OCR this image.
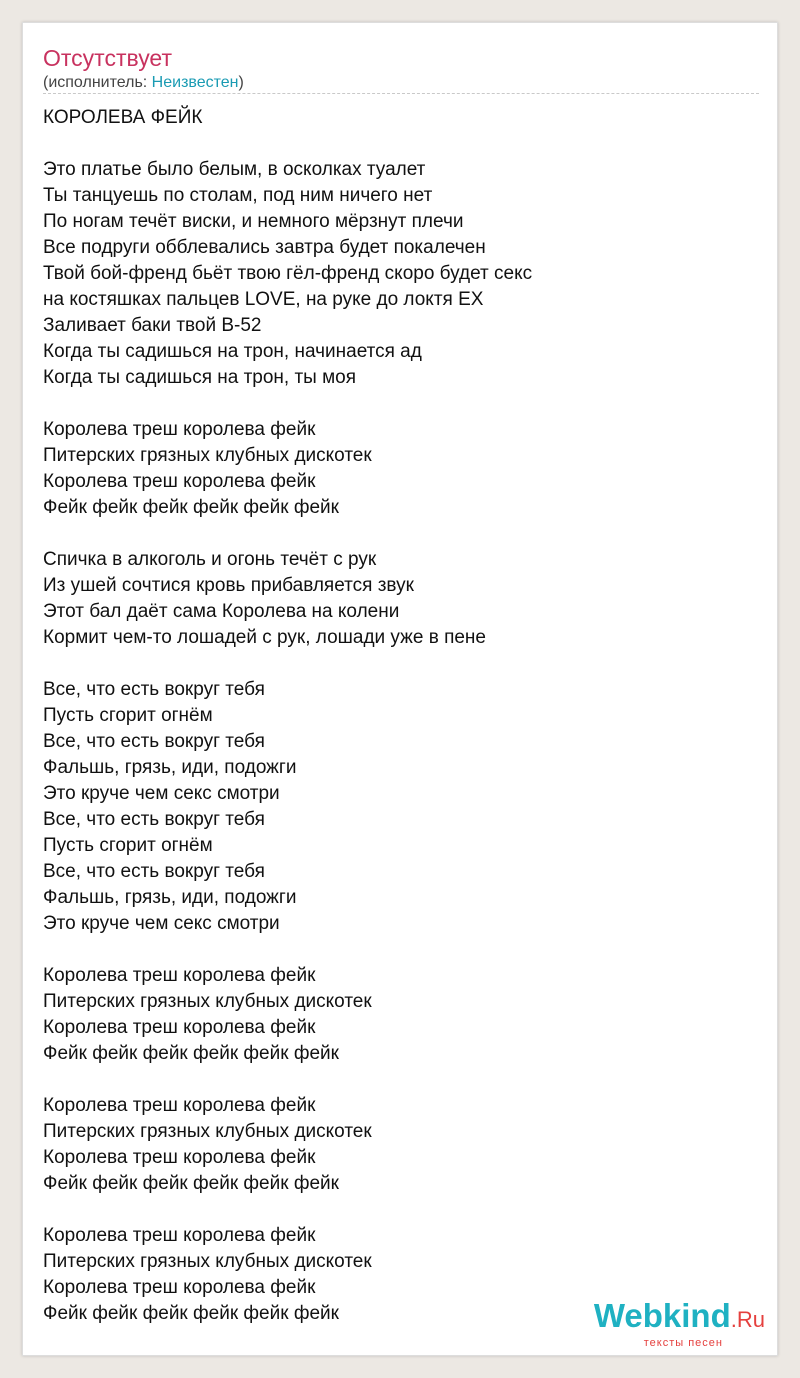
Отсутствует
(исполнитель: Неизвестен)
КОРОЛЕВА ФЕЙК
Это платье было белым, в осколках туалет
Ты танцуешь по столам, под ним ничего нет
По ногам течёт виски, и немного мёрзнут плечи
Все подруги обблевались завтра будет покалечен
Твой бой-френд бьёт твою гёл-френд скоро будет секс
на костяшках пальцев LOVE, на руке до локтя EX
Заливает баки твой B-52
Когда ты садишься на трон, начинается ад
Когда ты садишься на трон, ты моя
Королева треш королева фейк
Питерских грязных клубных дискотек
Королева треш королева фейк
Фейк фейк фейк фейк фейк фейк
Спичка в алкоголь и огонь течёт с рук
Из ушей сочтися кровь прибавляется звук
Этот бал даёт сама Королева на колени
Кормит чем-то лошадей с рук, лошади уже в пене
Все, что есть вокруг тебя
Пусть сгорит огнём
Все, что есть вокруг тебя
Фальшь, грязь, иди, подожги
Это круче чем секс смотри
Все, что есть вокруг тебя
Пусть сгорит огнём
Все, что есть вокруг тебя
Фальшь, грязь, иди, подожги
Это круче чем секс смотри
Королева треш королева фейк
Питерских грязных клубных дискотек
Королева треш королева фейк
Фейк фейк фейк фейк фейк фейк
Королева треш королева фейк
Питерских грязных клубных дискотек
Королева треш королева фейк
Фейк фейк фейк фейк фейк фейк
Королева треш королева фейк
Питерских грязных клубных дискотек
Королева треш королева фейк
Фейк фейк фейк фейк фейк фейк	Webkind.Ru
тексты песен
